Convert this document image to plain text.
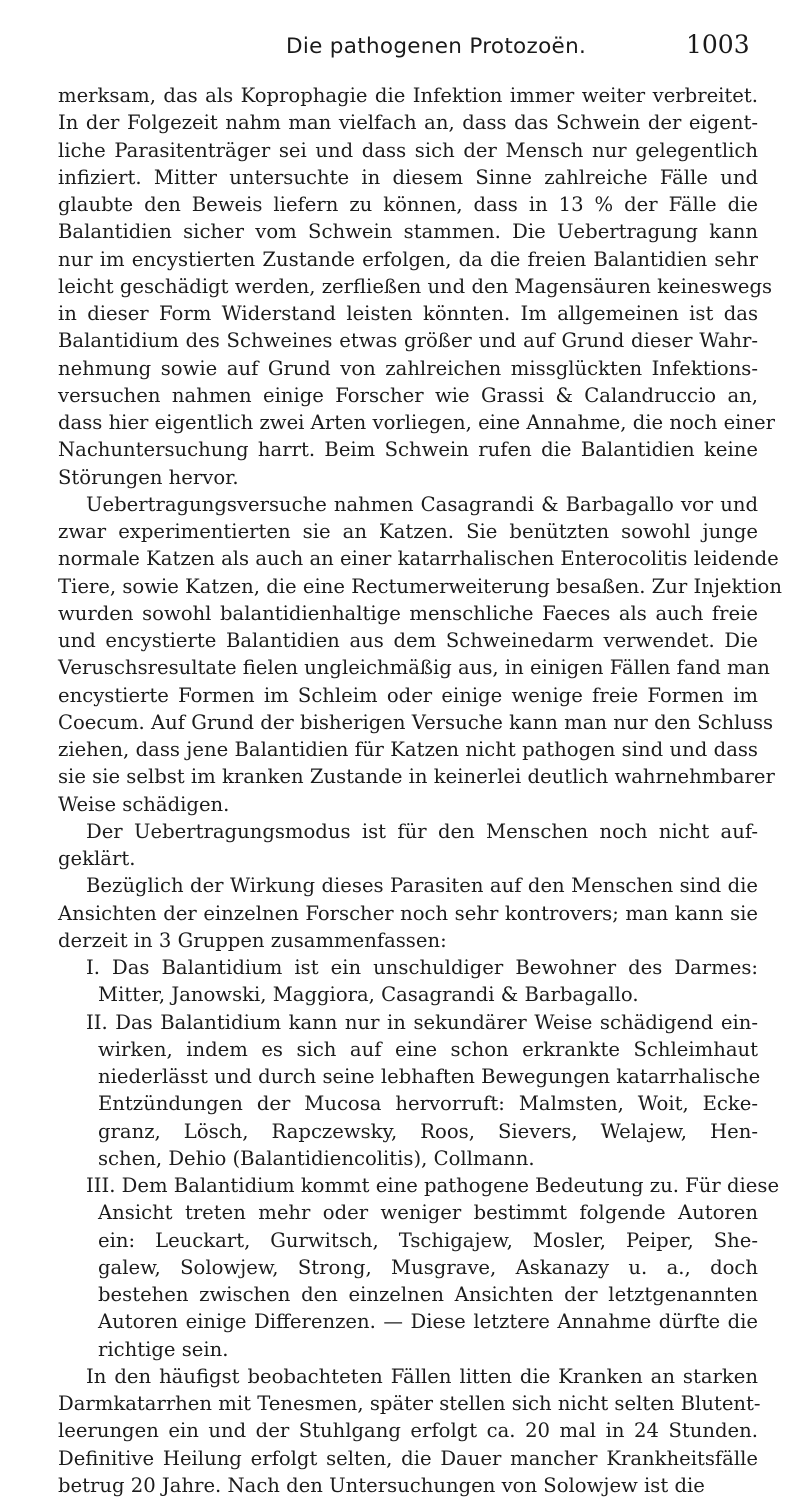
Die pathogenen Protozoën.	1003
merksam, das als Koprophagie die Infektion immer weiter verbreitet.
In der Folgezeit nahm man vielfach an, dass das Schwein der eigent-
liche Parasitenträger sei und dass sich der Mensch nur gelegentlich
infiziert. Mitter untersuchte in diesem Sinne zahlreiche Fälle und
glaubte den Beweis liefern zu können, dass in 13 % der Fälle die
Balantidien sicher vom Schwein stammen. Die Uebertragung kann
nur im encystierten Zustande erfolgen, da die freien Balantidien sehr
leicht geschädigt werden, zerfließen und den Magensäuren keineswegs
in dieser Form Widerstand leisten könnten. Im allgemeinen ist das
Balantidium des Schweines etwas größer und auf Grund dieser Wahr-
nehmung sowie auf Grund von zahlreichen missglückten Infektions-
versuchen nahmen einige Forscher wie Grassi & Calandruccio an,
dass hier eigentlich zwei Arten vorliegen, eine Annahme, die noch einer
Nachuntersuchung harrt. Beim Schwein rufen die Balantidien keine
Störungen hervor.
Uebertragungsversuche nahmen Casagrandi & Barbagallo vor und
zwar experimentierten sie an Katzen. Sie benützten sowohl junge
normale Katzen als auch an einer katarrhalischen Enterocolitis leidende
Tiere, sowie Katzen, die eine Rectumerweiterung besaßen. Zur Injektion
wurden sowohl balantidienhaltige menschliche Faeces als auch freie
und encystierte Balantidien aus dem Schweinedarm verwendet. Die
Veruschsresultate fielen ungleichmäßig aus, in einigen Fällen fand man
encystierte Formen im Schleim oder einige wenige freie Formen im
Coecum. Auf Grund der bisherigen Versuche kann man nur den Schluss
ziehen, dass jene Balantidien für Katzen nicht pathogen sind und dass
sie sie selbst im kranken Zustande in keinerlei deutlich wahrnehmbarer
Weise schädigen.
Der Uebertragungsmodus ist für den Menschen noch nicht auf-
geklärt.
Bezüglich der Wirkung dieses Parasiten auf den Menschen sind die
Ansichten der einzelnen Forscher noch sehr kontrovers; man kann sie
derzeit in 3 Gruppen zusammenfassen:
I. Das Balantidium ist ein unschuldiger Bewohner des Darmes:
Mitter, Janowski, Maggiora, Casagrandi & Barbagallo.
II. Das Balantidium kann nur in sekundärer Weise schädigend ein-
wirken, indem es sich auf eine schon erkrankte Schleimhaut
niederlässt und durch seine lebhaften Bewegungen katarrhalische
Entzündungen der Mucosa hervorruft: Malmsten, Woit, Ecke-
granz, Lösch, Rapczewsky, Roos, Sievers, Welajew, Hen-
schen, Dehio (Balantidiencolitis), Collmann.
III. Dem Balantidium kommt eine pathogene Bedeutung zu. Für diese
Ansicht treten mehr oder weniger bestimmt folgende Autoren
ein: Leuckart, Gurwitsch, Tschigajew, Mosler, Peiper, She-
galew, Solowjew, Strong, Musgrave, Askanazy u. a., doch
bestehen zwischen den einzelnen Ansichten der letztgenannten
Autoren einige Differenzen. — Diese letztere Annahme dürfte die
richtige sein.
In den häufigst beobachteten Fällen litten die Kranken an starken
Darmkatarrhen mit Tenesmen, später stellen sich nicht selten Blutent-
leerungen ein und der Stuhlgang erfolgt ca. 20 mal in 24 Stunden.
Definitive Heilung erfolgt selten, die Dauer mancher Krankheitsfälle
betrug 20 Jahre. Nach den Untersuchungen von Solowjew ist die
